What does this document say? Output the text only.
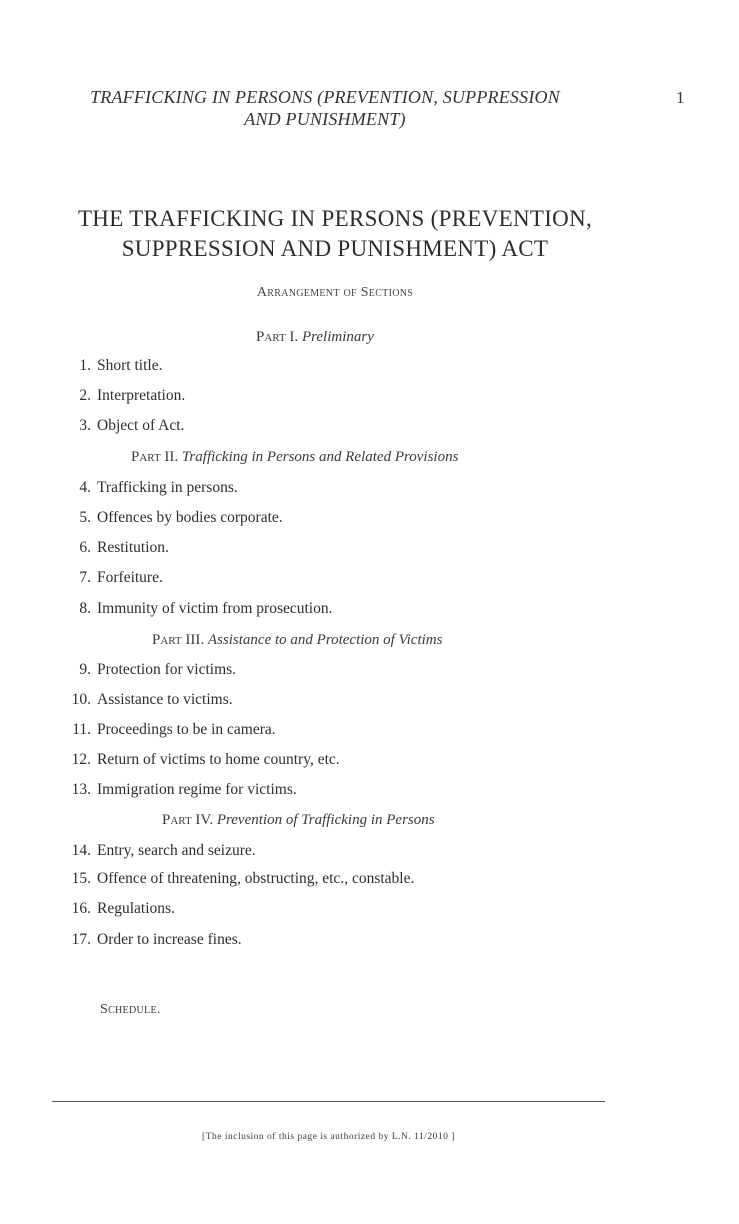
TRAFFICKING IN PERSONS (PREVENTION, SUPPRESSION
AND PUNISHMENT)
1
THE TRAFFICKING IN PERSONS (PREVENTION,
SUPPRESSION AND PUNISHMENT) ACT
Arrangement of Sections
Part I. Preliminary
1. Short title.
2. Interpretation.
3. Object of Act.
Part II. Trafficking in Persons and Related Provisions
4. Trafficking in persons.
5. Offences by bodies corporate.
6. Restitution.
7. Forfeiture.
8. Immunity of victim from prosecution.
Part III. Assistance to and Protection of Victims
9. Protection for victims.
10. Assistance to victims.
11. Proceedings to be in camera.
12. Return of victims to home country, etc.
13. Immigration regime for victims.
Part IV. Prevention of Trafficking in Persons
14. Entry, search and seizure.
15. Offence of threatening, obstructing, etc., constable.
16. Regulations.
17. Order to increase fines.
Schedule.
[The inclusion of this page is authorized by L.N. 11/2010 ]
